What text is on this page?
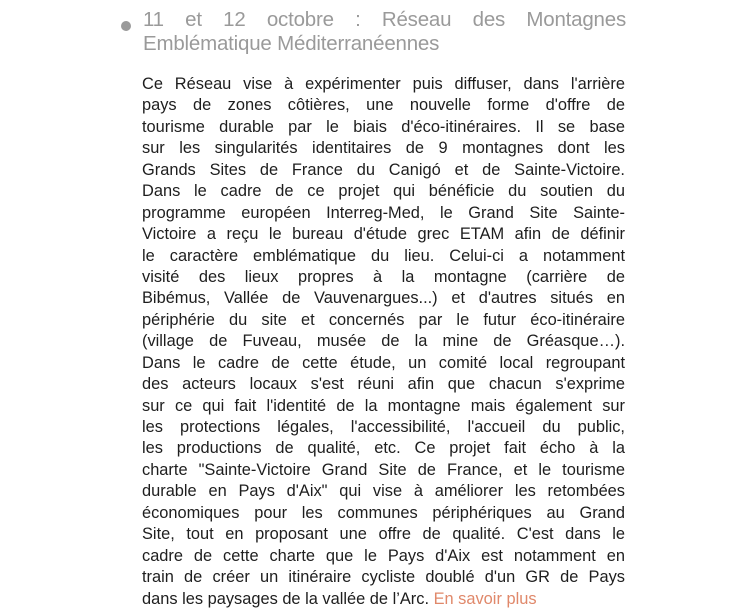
11 et 12 octobre : Réseau des Montagnes
Emblématique Méditerranéennes
Ce Réseau vise à expérimenter puis diffuser, dans l'arrière
pays de zones côtières, une nouvelle forme d'offre de
tourisme durable par le biais d'éco-itinéraires. Il se base
sur les singularités identitaires de 9 montagnes dont les
Grands Sites de France du Canigó et de Sainte-Victoire.
Dans le cadre de ce projet qui bénéficie du soutien du
programme européen Interreg-Med, le Grand Site Sainte-
Victoire a reçu le bureau d'étude grec ETAM afin de définir
le caractère emblématique du lieu. Celui-ci a notamment
visité des lieux propres à la montagne (carrière de
Bibémus, Vallée de Vauvenargues...) et d'autres situés en
périphérie du site et concernés par le futur éco-itinéraire
(village de Fuveau, musée de la mine de Gréasque…).
Dans le cadre de cette étude, un comité local regroupant
des acteurs locaux s'est réuni afin que chacun s'exprime
sur ce qui fait l'identité de la montagne mais également sur
les protections légales, l'accessibilité, l'accueil du public,
les productions de qualité, etc. Ce projet fait écho à la
charte "Sainte-Victoire Grand Site de France, et le tourisme
durable en Pays d'Aix" qui vise à améliorer les retombées
économiques pour les communes périphériques au Grand
Site, tout en proposant une offre de qualité. C'est dans le
cadre de cette charte que le Pays d'Aix est notamment en
train de créer un itinéraire cycliste doublé d'un GR de Pays
dans les paysages de la vallée de l’Arc. En savoir plus
